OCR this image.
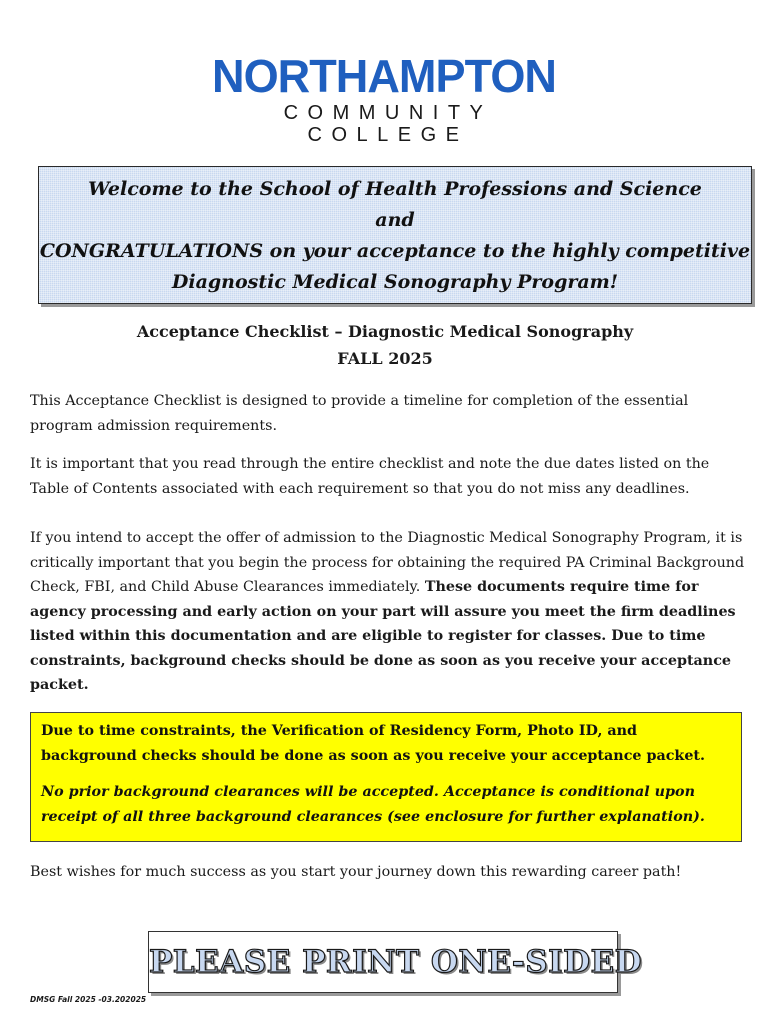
NORTHAMPTON
COMMUNITY COLLEGE
Welcome to the School of Health Professions and Science
and
CONGRATULATIONS on your acceptance to the highly competitive
Diagnostic Medical Sonography Program!
Acceptance Checklist – Diagnostic Medical Sonography
FALL 2025
This Acceptance Checklist is designed to provide a timeline for completion of the essential program admission requirements.
It is important that you read through the entire checklist and note the due dates listed on the Table of Contents associated with each requirement so that you do not miss any deadlines.
If you intend to accept the offer of admission to the Diagnostic Medical Sonography Program, it is critically important that you begin the process for obtaining the required PA Criminal Background Check, FBI, and Child Abuse Clearances immediately. These documents require time for agency processing and early action on your part will assure you meet the firm deadlines listed within this documentation and are eligible to register for classes. Due to time constraints, background checks should be done as soon as you receive your acceptance packet.
Due to time constraints, the Verification of Residency Form, Photo ID, and background checks should be done as soon as you receive your acceptance packet.
No prior background clearances will be accepted. Acceptance is conditional upon receipt of all three background clearances (see enclosure for further explanation).
Best wishes for much success as you start your journey down this rewarding career path!
PLEASE PRINT ONE-SIDED
DMSG Fall 2025 -03.202025
